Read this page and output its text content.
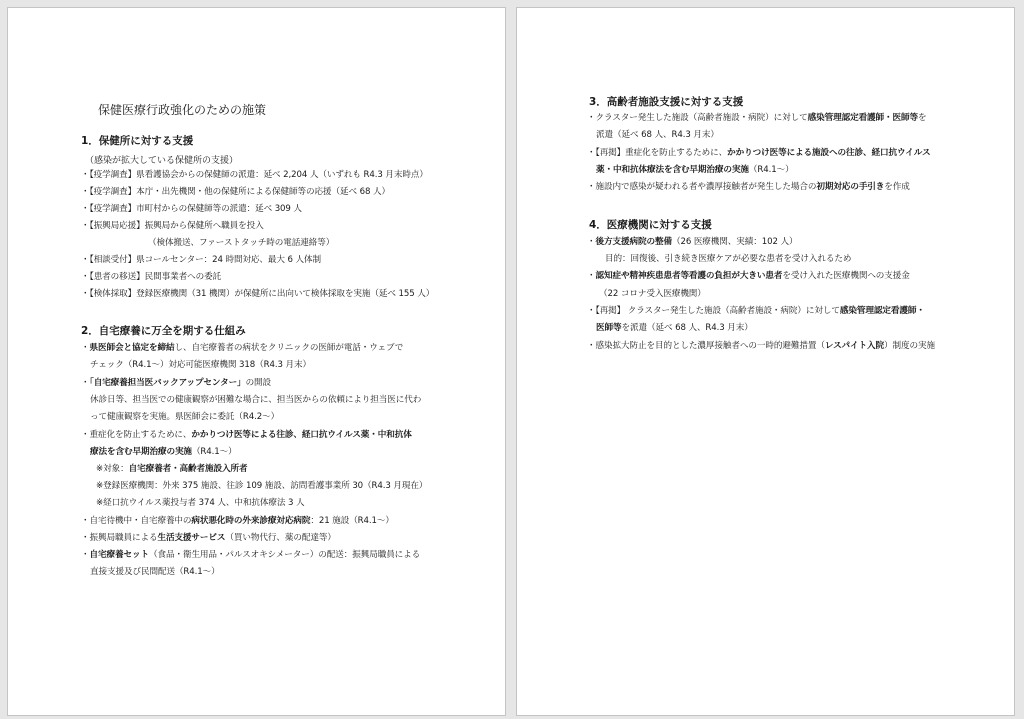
保健医療行政強化のための施策
1．保健所に対する支援
（感染が拡大している保健所の支援）
・【疫学調査】県看護協会からの保健師の派遣：延べ 2,204 人（いずれも R4.3 月末時点）
・【疫学調査】本庁・出先機関・他の保健所による保健師等の応援（延べ 68 人）
・【疫学調査】市町村からの保健師等の派遣：延べ 309 人
・【振興局応援】振興局から保健所へ職員を投入
（検体搬送、ファーストタッチ時の電話連絡等）
・【相談受付】県コールセンター：24 時間対応、最大 6 人体制
・【患者の移送】民間事業者への委託
・【検体採取】登録医療機関（31 機関）が保健所に出向いて検体採取を実施（延べ 155 人）
2．自宅療養に万全を期する仕組み
・県医師会と協定を締結し、自宅療養者の病状をクリニックの医師が電話・ウェブで
チェック（R4.1～）対応可能医療機関 318（R4.3 月末）
・「自宅療養担当医バックアップセンター」の開設
休診日等、担当医での健康観察が困難な場合に、担当医からの依頼により担当医に代わ
って健康観察を実施。県医師会に委託（R4.2～）
・重症化を防止するために、かかりつけ医等による往診、経口抗ウイルス薬・中和抗体
療法を含む早期治療の実施（R4.1～）
※対象：自宅療養者・高齢者施設入所者
※登録医療機関：外来 375 施設、往診 109 施設、訪問看護事業所 30（R4.3 月現在）
※経口抗ウイルス薬投与者 374 人、中和抗体療法 3 人
・自宅待機中・自宅療養中の病状悪化時の外来診療対応病院：21 施設（R4.1～）
・振興局職員による生活支援サービス（買い物代行、薬の配達等）
・自宅療養セット（食品・衛生用品・パルスオキシメーター）の配送：振興局職員による
直接支援及び民間配送（R4.1～）
3．高齢者施設支援に対する支援
・クラスター発生した施設（高齢者施設・病院）に対して感染管理認定看護師・医師等を
派遣（延べ 68 人、R4.3 月末）
・【再掲】重症化を防止するために、かかりつけ医等による施設への往診、経口抗ウイルス
薬・中和抗体療法を含む早期治療の実施（R4.1～）
・施設内で感染が疑われる者や濃厚接触者が発生した場合の初期対応の手引きを作成
4．医療機関に対する支援
・後方支援病院の整備（26 医療機関、実績：102 人）
目的：回復後、引き続き医療ケアが必要な患者を受け入れるため
・認知症や精神疾患患者等看護の負担が大きい患者を受け入れた医療機関への支援金
（22 コロナ受入医療機関）
・【再掲】 クラスター発生した施設（高齢者施設・病院）に対して感染管理認定看護師・
医師等を派遣（延べ 68 人、R4.3 月末）
・感染拡大防止を目的とした濃厚接触者への一時的避難措置（レスパイト入院）制度の実施
